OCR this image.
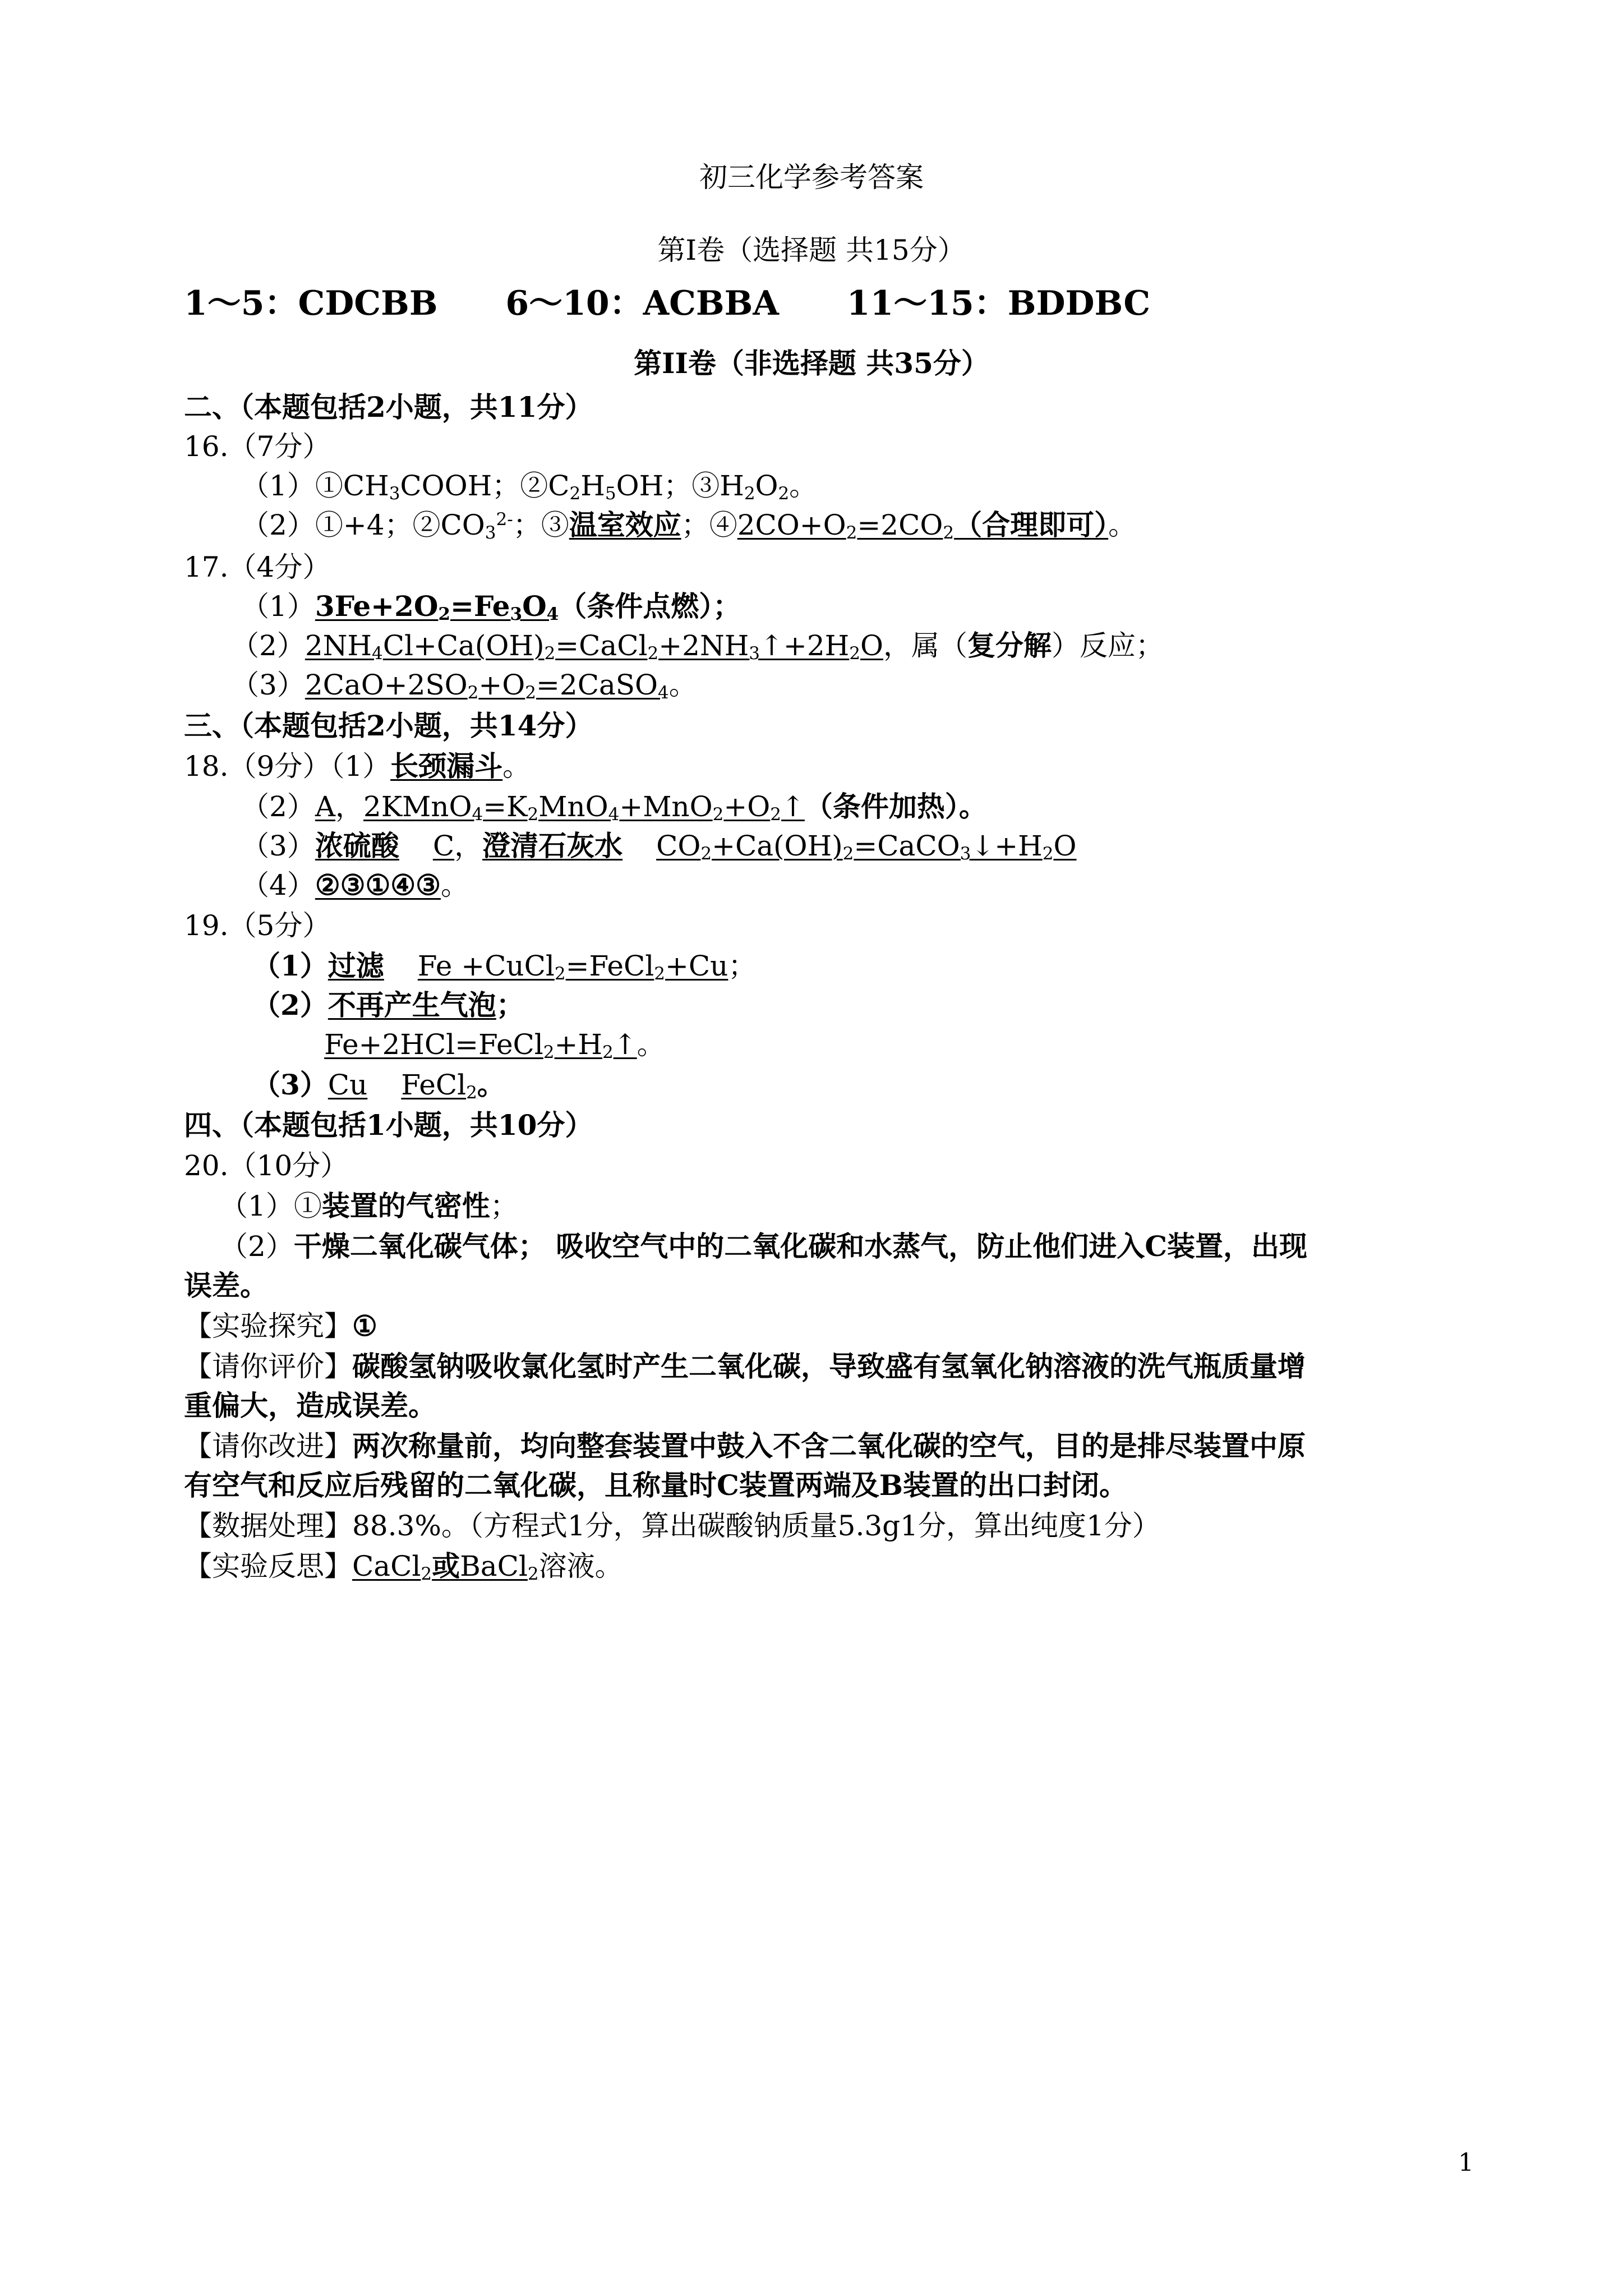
初三化学参考答案
第Ⅰ卷（选择题 共15分）
1～5：CDCBB 6～10：ACBBA 11～15：BDDBC
第II卷（非选择题 共35分）
二、（本题包括2小题，共11分）
16.（7分）
$(1)①CH_3COOH$；$②C_2H_5OH$；$③H_2O_2$。
（2）①+4；$②CO_3^{2-}$；③温室效应；$④2CO+O_2=2CO_2$（合理即可）。
17.（4分）
$(1)3Fe+2O_2=Fe_3O_4$（条件点燃）；
$(2)2NH_4Cl+Ca(OH)_2=CaCl_2+2NH_3↑+2H_2O$，属（复分解）反应；
$(3)2CaO+2SO_2+O_2=2CaSO_4$。
三、（本题包括2小题，共14分）
18.（9分）（1）长颈漏斗。
（2）A，$2KMnO_4=K_2MnO_4+MnO_2+O_2↑$（条件加热）。
（3）浓硫酸 C，澄清石灰水 $CO_2+Ca(OH)_2=CaCO_3↓+H_2O$
（4）②③①④③。
19.（5分）
（1）过滤 Fe +CuCl$_2$=FeCl$_2$+Cu；
（2）不再产生气泡；
$Fe+2HCl=FeCl_2+H_2↑$。
（3）Cu FeCl$_2$。
四、（本题包括1小题，共10分）
20.（10分）
（1）①装置的气密性；
（2）干燥二氧化碳气体； 吸收空气中的二氧化碳和水蒸气，防止他们进入C装置，出现
误差。
【实验探究】①
【请你评价】碳酸氢钠吸收氯化氢时产生二氧化碳，导致盛有氢氧化钠溶液的洗气瓶质量增
重偏大，造成误差。
【请你改进】两次称量前，均向整套装置中鼓入不含二氧化碳的空气，目的是排尽装置中原
有空气和反应后残留的二氧化碳，且称量时C装置两端及B装置的出口封闭。
【数据处理】88.3%。（方程式1分，算出碳酸钠质量5.3g1分，算出纯度1分）
【实验反思】CaCl$_2$或BaCl$_2$溶液。
1
